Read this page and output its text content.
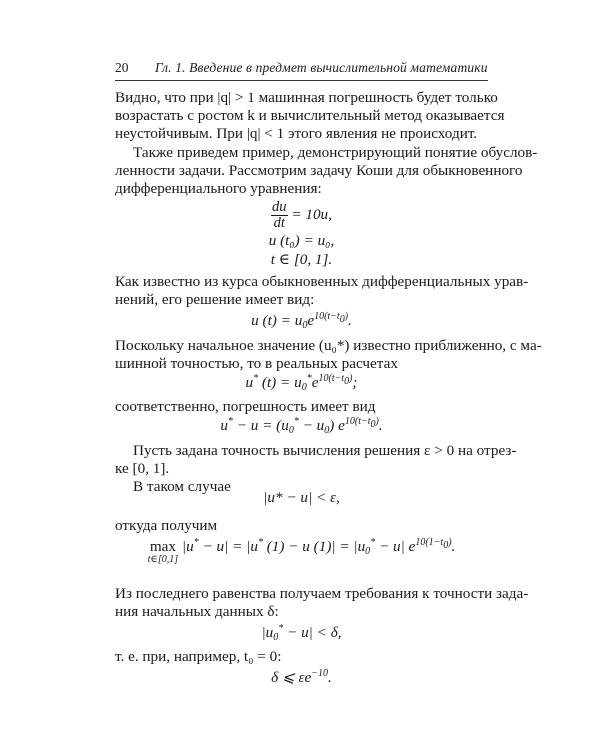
20 Гл. 1. Введение в предмет вычислительной математики
Видно, что при |q| > 1 машинная погрешность будет только
возрастать с ростом k и вычислительный метод оказывается
неустойчивым. При |q| < 1 этого явления не происходит.
Также приведем пример, демонстрирующий понятие обуслов-
ленности задачи. Рассмотрим задачу Коши для обыкновенного
дифференциального уравнения:
$\frac{du}{dt} = 10u$,
u (t₀) = u₀,
t ∈ [0, 1].
Как известно из курса обыкновенных дифференциальных урав-
нений, его решение имеет вид:
u $(t) = u_0e^{10(t-t_0)}$.
Поскольку начальное значение (u₀*) известно приближенно, с ма-
шинной точностью, то в реальных расчетах
u* $(t) = u_0^*e^{10(t-t_0)}$;
соответственно, погрешность имеет вид
$u^* - u = (u_0^* - u_0)$ $e^{10(t-t_0)}$.
Пусть задана точность вычисления решения ε > 0 на отрез-
ке [0, 1].
В таком случае
|u* − u| < ε,
откуда получим
max
t∈[0,1]
|u* − u| = |u* (1) − u $(1)| = |u_0^* - u|$ $e^{10(1-t_0)}$.
Из последнего равенства получаем требования к точности зада-
ния начальных данных δ:
$|u_0^* - u| < \delta$,
т. е. при, например, t₀ = 0:
δ ⩽ $\varepsilon e^{-10}$.
